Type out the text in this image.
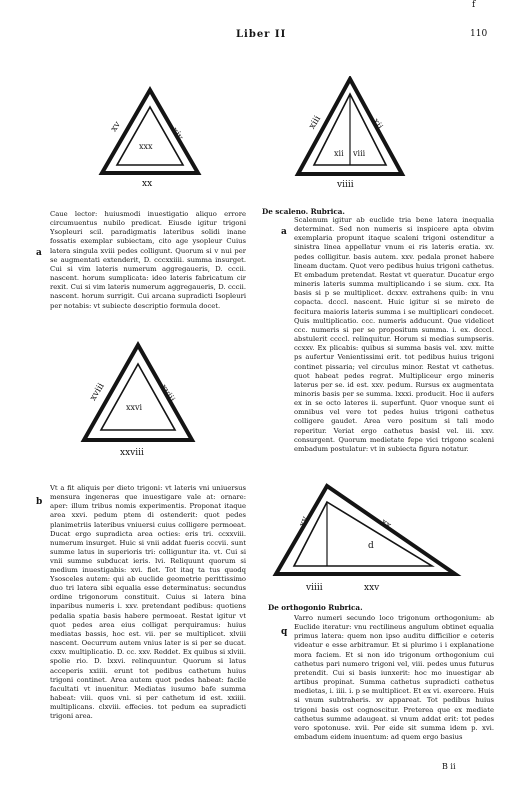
f
Liber II	110
xv	xiv
xxx
xx
xiii	xii
xii viii
viiii
xviii	xviii
xxvi
xxviii
xv	xx
d
viiii	xxv
a
Caue lector: huiusmodi inuestigatio aliquo errore circumuentus nubilo predicat. Eiusde igitur trigoni Ysopleuri scil. paradigmatis lateribus solidi inane fossatis exemplar subiectam, cito age ysopleur Cuius latera singula xviii pedes colligunt. Quorum si v nui per se augmentati extenderit, D. cccxxiiii. summa insurget. Cui si vim lateris numerum aggregaueris, D. cccii. nascent. horum sumplicata: ideo lateris fabricatum cir rexit. Cui si vim lateris numerum aggregaueris, D. cccii. nascent. horum surrigit. Cui arcana supradicti Isopleuri per notabis: vt subiecte descriptio formula docet.
b
Vt a fit aliquis per dieto trigoni: vt lateris vni uniuersus mensura ingeneras que inuestigare vale at: ornare: aper: illum tribus nomis experimentis. Proponat itaque area xxvi. pedum ptem di ostenderit: quot pedes planimetriis lateribus vniuersi cuius colligere permoeat. Ducat ergo supradicta area octies: eris tri. ccxxviii. numerum insurget. Huic si vnii addat fueris cccvii. sunt summe latus in superioris tri: colliguntur ita. vt. Cui si vnii summe subducat ieris. lvi. Reliquunt quorum si medium inuestigabis: xvi. fiet. Tot itaq ta tus quodq
Ysosceles autem: qui ab euclide geometrie perittissimo duo tri latera sibi equalia esse determinatus: secundus ordine trigonorum constituit. Cuius si latera bina inparibus numeris i. xxv. pretendant pedibus: quotiens pedalia spatia basis habere permoeat. Restat igitur vt quot pedes area eius colligat perquiramus: huius mediatas bassis, hoc est. vii. per se multiplicet. xlviii nascent. Oecurrum autem vnius later is si per se ducat. cxxv. multiplicatio. D. cc. xxv. Reddet. Ex quibus si xlviii. spolie rio. D. lxxvi. relinquuntur. Quorum si latus acceperis xxiiii. erunt tot pedibus cathetum huius trigoni continet. Area autem quot pedes habeat: facile facultati vt inuenitur. Mediatas iusumo bafe summa habeat: viii. quos vni. si per cathetum id est. xxiiii. multiplicans. clxviii. effecies. tot pedum ea supradicti trigoni area.
De scaleno. Rubrica.
a
Scalenum igitur ab euclide tria bene latera inequalia determinat. Sed non numeris si inspicere apta obvim exemplaria propunt itaque scaleni trigoni ostenditur a sinistra linea appellatur vnum ei ris lateris eratia. xv. pedes colligitur. basis autem. xxv. pedala pronet habere lineam ductam. Quot vero pedibus huius trigoni cathetus. Et embadum pretendat. Restat vt queratur. Ducatur ergo mineris lateris summa multiplicando i se sium. cxx. Ita basis si p se multiplicet. dcxxv. extrahens quib: in vnu copacta. dcccl. nascent. Huic igitur si se mireto de fecitura maioris lateris summa i se multiplicari condecet. Quis multiplicatio. ccc. numeris adducunt. Que videlicet ccc. numeris si per se propositum summa. i. ex. dcccl. abstulerit ccccl. relinquitur. Horum si medias sumpseris. ccxxv. Ex plicabis: quibus si summa basis vel. xxv. mitte ps aufertur Venientissimi erit. tot pedibus huius trigoni continet pissaria; vel circulus minor. Restat vt cathetus. quot habeat pedes regrat. Multipliceur ergo mineris laterus per se. id est. xxv. pedum. Rursus ex augmentata minoris basis per se summa. lxxxi. producit. Hoc ii aufers ex in se octo lateres ii. superfunt. Quor vnoque sunt ei omnibus vel vere tot pedes huius trigoni cathetus colligere gaudet. Area vero positum si tali modo reperitur. Veriat ergo cathetus basisl vel. iii. xxv. consurgent. Quorum medietate fepe vici trigono scaleni embadum postulatur: vt in subiecta figura notatur.
De orthogonio Rubrica.
q
Varro numeri secundo loco trigonum orthogonium: ab Euclide iteratur: vnu rectilineus angulum obtinet equalia primus latera: quem non ipso auditu difficilior e ceteris videatur e esse arbitramur. Et si plurimo i i explanatione mora faciem. Et si non ido trigonum orthogonium cui cathetus pari numero trigoni vel, viii. pedes unus futurus pretendit. Cui si basis iunxerit: hoc mo inuestigar ab artibus propinat. Summa cathetus supradicti cathetus medietas, i. iiii. i. p se multiplicet. Et ex vi. exercere. Huis si vnum subtraheris. xv appareat. Tot pedibus huius trigoni basis ost cognoscitur. Preterea que ex mediate cathetus summe adaugeat. si vnum addat erit: tot pedes vero spotonuse. xvii. Per eide sit summa idem p. xvi. embadum eidem inuentum: ad quem ergo basius
B ii
